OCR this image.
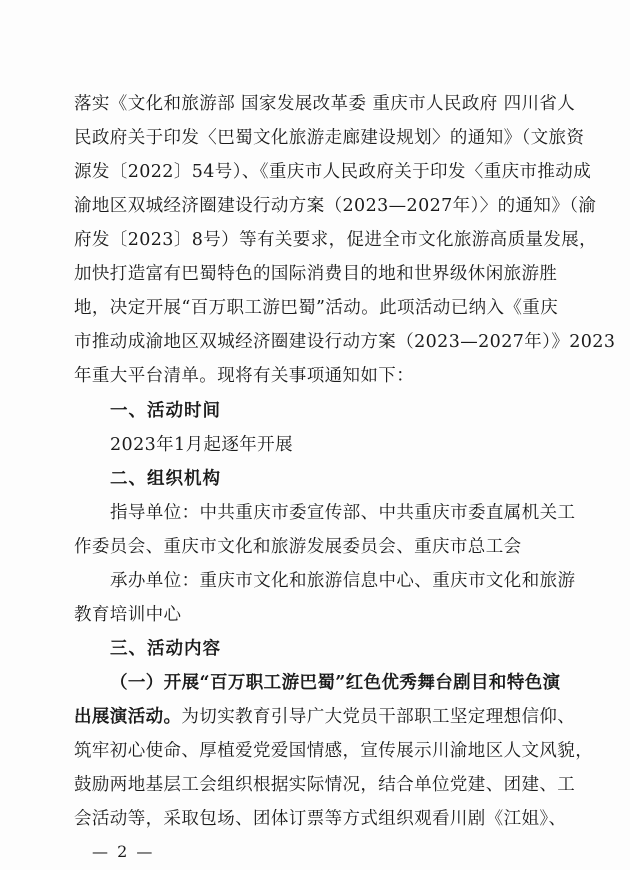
落实《文化和旅游部 国家发展改革委 重庆市人民政府 四川省人
民政府关于印发〈巴蜀文化旅游走廊建设规划〉的通知》（文旅资
源发〔2022〕54号）、《重庆市人民政府关于印发〈重庆市推动成
渝地区双城经济圈建设行动方案（2023—2027年）〉的通知》（渝
府发〔2023〕8号）等有关要求，促进全市文化旅游高质量发展，
加快打造富有巴蜀特色的国际消费目的地和世界级休闲旅游胜
地，决定开展“百万职工游巴蜀”活动。此项活动已纳入《重庆
市推动成渝地区双城经济圈建设行动方案（2023—2027年）》2023
年重大平台清单。现将有关事项通知如下：
一、活动时间
2023年1月起逐年开展
二、组织机构
指导单位：中共重庆市委宣传部、中共重庆市委直属机关工
作委员会、重庆市文化和旅游发展委员会、重庆市总工会
承办单位：重庆市文化和旅游信息中心、重庆市文化和旅游
教育培训中心
三、活动内容
（一）开展“百万职工游巴蜀”红色优秀舞台剧目和特色演
出展演活动。为切实教育引导广大党员干部职工坚定理想信仰、
筑牢初心使命、厚植爱党爱国情感，宣传展示川渝地区人文风貌，
鼓励两地基层工会组织根据实际情况，结合单位党建、团建、工
会活动等，采取包场、团体订票等方式组织观看川剧《江姐》、
— 2 —
